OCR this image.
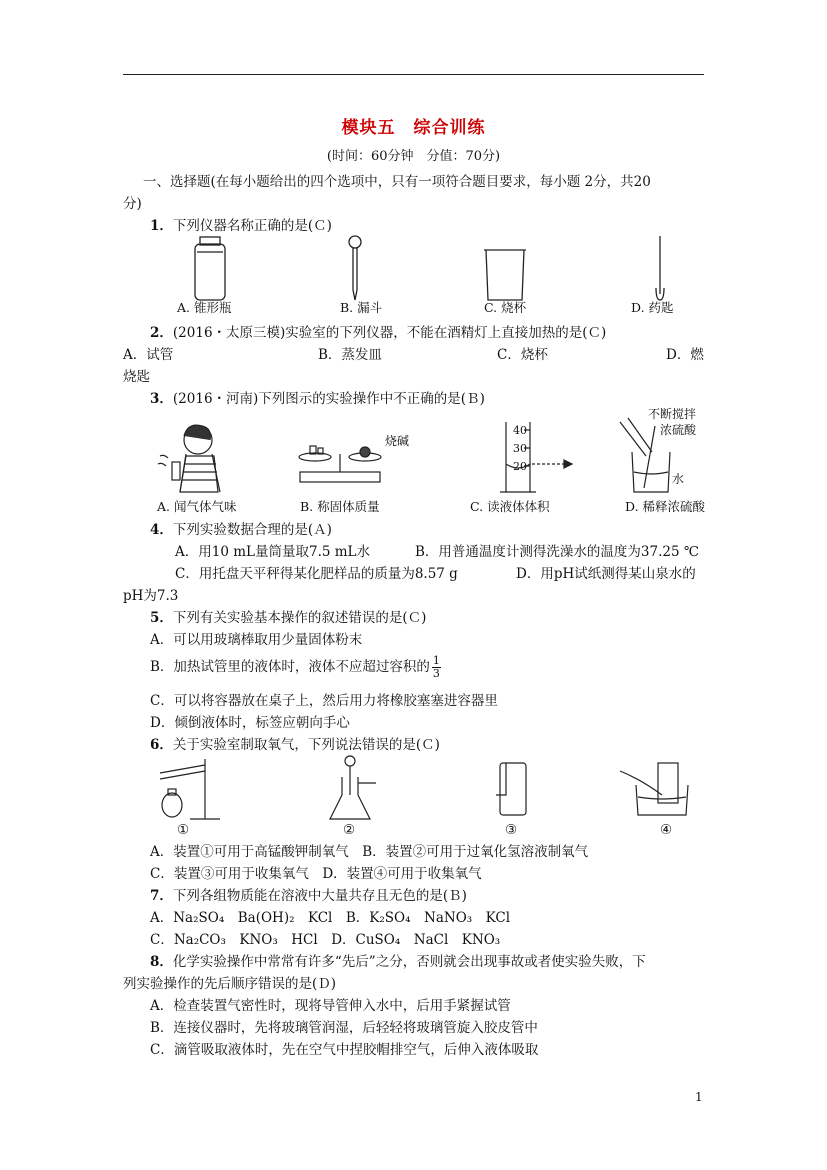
模块五　综合训练
(时间：60分钟　分值：70分)
一、选择题(在每小题给出的四个选项中，只有一项符合题目要求，每小题 2分，共20
分)
1．下列仪器名称正确的是(Ｃ)
A. 锥形瓶	B. 漏斗	C. 烧杯	D. 药匙
2．(2016・太原三模)实验室的下列仪器，不能在酒精灯上直接加热的是(Ｃ)
A．试管	B．蒸发皿	C．烧杯	D．燃
烧匙
3．(2016・河南)下列图示的实验操作中不正确的是(Ｂ)
烧碱
40
30
20
不断搅拌
浓硫酸
水
A. 闻气体气味	B. 称固体质量	C. 读液体体积	D. 稀释浓硫酸
4．下列实验数据合理的是(Ａ)
A．用10 mL量筒量取7.5 mL水	B．用普通温度计测得洗澡水的温度为37.25 ℃
C．用托盘天平秤得某化肥样品的质量为8.57 g	D．用pH试纸测得某山泉水的
pH为7.3
5．下列有关实验基本操作的叙述错误的是(Ｃ)
A．可以用玻璃棒取用少量固体粉末
B．加热试管里的液体时，液体不应超过容积的 $\frac{1}{3}$
C．可以将容器放在桌子上，然后用力将橡胶塞塞进容器里
D．倾倒液体时，标签应朝向手心
6．关于实验室制取氧气，下列说法错误的是(Ｃ)
①	②	③	④
A．装置①可用于高锰酸钾制氧气　B．装置②可用于过氧化氢溶液制氧气
C．装置③可用于收集氧气　D．装置④可用于收集氧气
7．下列各组物质能在溶液中大量共存且无色的是(Ｂ)
A．Na₂SO₄　Ba(OH)₂　KCl　B．K₂SO₄　NaNO₃　KCl
C．Na₂CO₃　KNO₃　HCl　D．CuSO₄　NaCl　KNO₃
8．化学实验操作中常常有许多“先后”之分，否则就会出现事故或者使实验失败，下
列实验操作的先后顺序错误的是(Ｄ)
A．检查装置气密性时，现将导管伸入水中，后用手紧握试管
B．连接仪器时，先将玻璃管润湿，后轻轻将玻璃管旋入胶皮管中
C．滴管吸取液体时，先在空气中捏胶帽排空气，后伸入液体吸取
1
